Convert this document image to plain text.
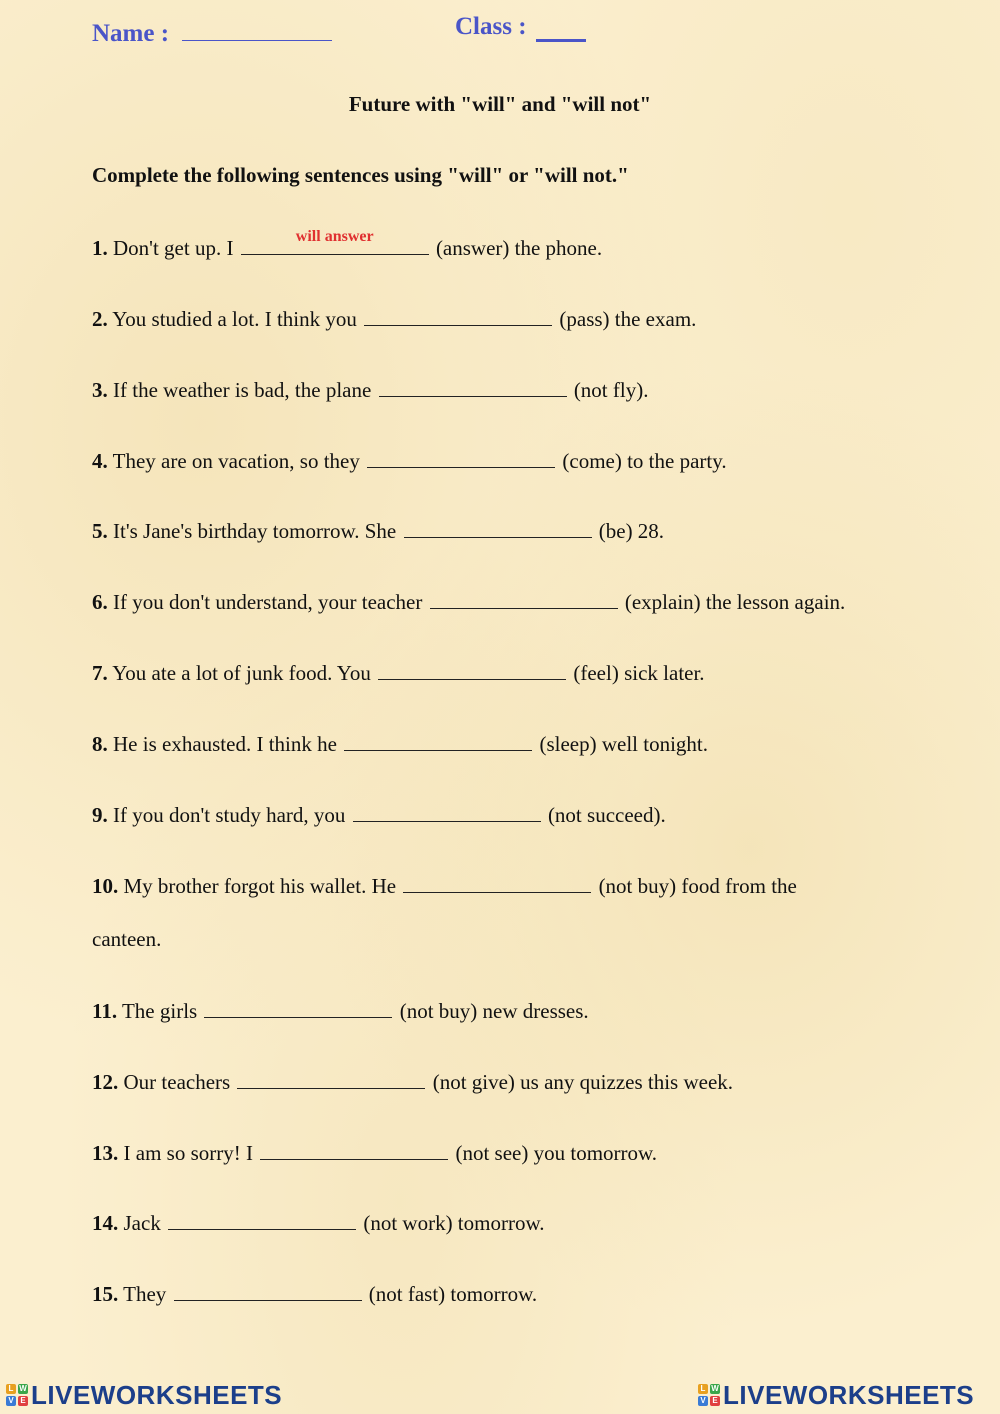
Name :	Class :
Future with "will" and "will not"
Complete the following sentences using "will" or "will not."
1. Don't get up. I	will answer	(answer) the phone.
2. You studied a lot. I think you	(pass) the exam.
3. If the weather is bad, the plane	(not fly).
4. They are on vacation, so they	(come) to the party.
5. It's Jane's birthday tomorrow. She	(be) 28.
6. If you don't understand, your teacher	(explain) the lesson again.
7. You ate a lot of junk food. You	(feel) sick later.
8. He is exhausted. I think he	(sleep) well tonight.
9. If you don't study hard, you	(not succeed).
10. My brother forgot his wallet. He	(not buy) food from the
canteen.
11. The girls	(not buy) new dresses.
12. Our teachers	(not give) us any quizzes this week.
13. I am so sorry! I	(not see) you tomorrow.
14. Jack	(not work) tomorrow.
15. They	(not fast) tomorrow.
L W
V E LIVEWORKSHEETS	L W
V E LIVEWORKSHEETS
